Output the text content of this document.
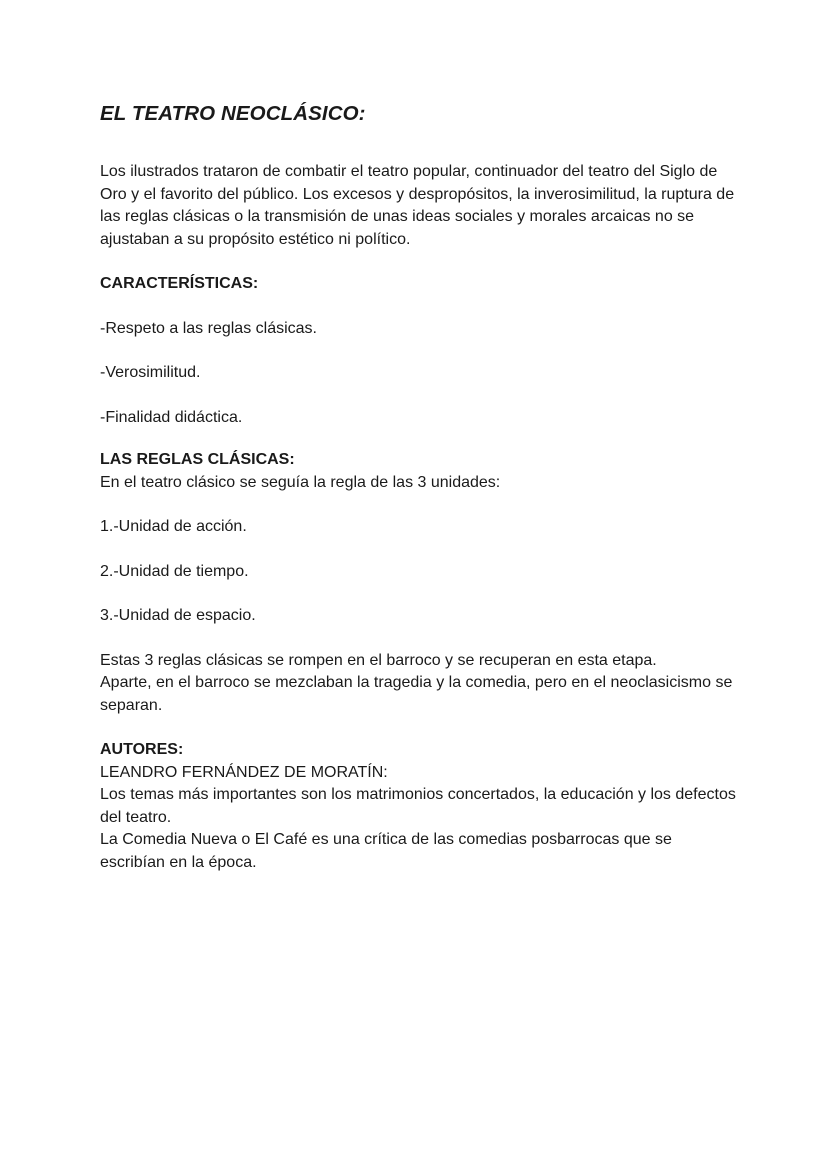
EL TEATRO NEOCLÁSICO:

Los ilustrados trataron de combatir el teatro popular, continuador del teatro del Siglo de Oro y el favorito del público. Los excesos y despropósitos, la inverosimilitud, la ruptura de las reglas clásicas o la transmisión de unas ideas sociales y morales arcaicas no se ajustaban a su propósito estético ni político.

CARACTERÍSTICAS:
-Respeto a las reglas clásicas.
-Verosimilitud.
-Finalidad didáctica.
LAS REGLAS CLÁSICAS:
En el teatro clásico se seguía la regla de las 3 unidades:
1.-Unidad de acción.
2.-Unidad de tiempo.
3.-Unidad de espacio.
Estas 3 reglas clásicas se rompen en el barroco y se recuperan en esta etapa.

Aparte, en el barroco se mezclaban la tragedia y la comedia, pero en el neoclasicismo se separan.

AUTORES:
LEANDRO FERNÁNDEZ DE MORATÍN:

Los temas más importantes son los matrimonios concertados, la educación y los defectos del teatro.

La Comedia Nueva o El Café es una crítica de las comedias posbarrocas que se escribían en la época.
